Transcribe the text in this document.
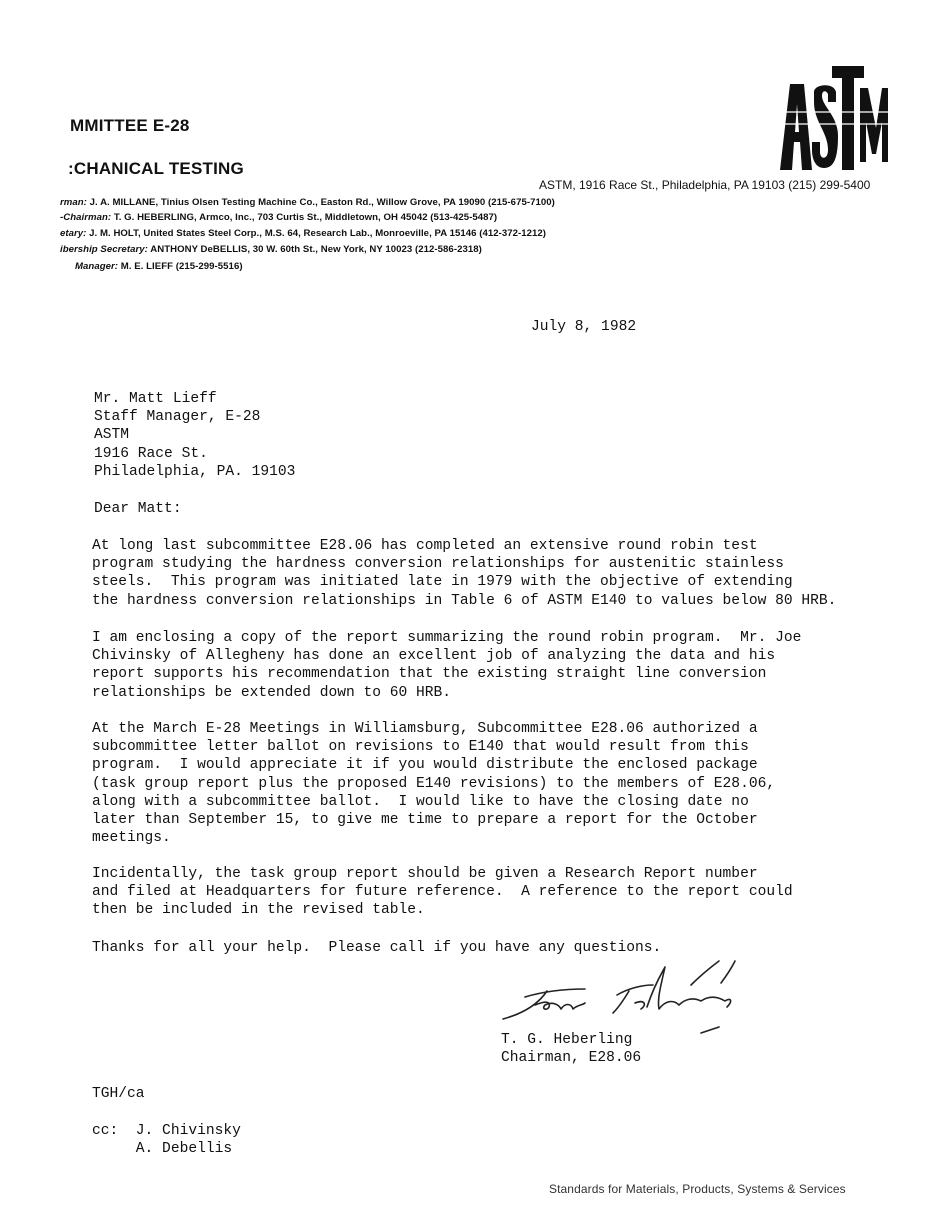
MMITTEE E-28
:CHANICAL TESTING
ASTM, 1916 Race St., Philadelphia, PA 19103 (215) 299-5400
rman: J. A. MILLANE, Tinius Olsen Testing Machine Co., Easton Rd., Willow Grove, PA 19090 (215-675-7100)
-Chairman: T. G. HEBERLING, Armco, Inc., 703 Curtis St., Middletown, OH 45042 (513-425-5487)
etary: J. M. HOLT, United States Steel Corp., M.S. 64, Research Lab., Monroeville, PA 15146 (412-372-1212)
ibership Secretary: ANTHONY DeBELLIS, 30 W. 60th St., New York, NY 10023 (212-586-2318)
Manager: M. E. LIEFF (215-299-5516)
July 8, 1982
Mr. Matt Lieff
Staff Manager, E-28
ASTM
1916 Race St.
Philadelphia, PA. 19103
Dear Matt:
At long last subcommittee E28.06 has completed an extensive round robin test
program studying the hardness conversion relationships for austenitic stainless
steels.  This program was initiated late in 1979 with the objective of extending
the hardness conversion relationships in Table 6 of ASTM E140 to values below 80 HRB.
I am enclosing a copy of the report summarizing the round robin program.  Mr. Joe
Chivinsky of Allegheny has done an excellent job of analyzing the data and his
report supports his recommendation that the existing straight line conversion
relationships be extended down to 60 HRB.
At the March E-28 Meetings in Williamsburg, Subcommittee E28.06 authorized a
subcommittee letter ballot on revisions to E140 that would result from this
program.  I would appreciate it if you would distribute the enclosed package
(task group report plus the proposed E140 revisions) to the members of E28.06,
along with a subcommittee ballot.  I would like to have the closing date no
later than September 15, to give me time to prepare a report for the October
meetings.
Incidentally, the task group report should be given a Research Report number
and filed at Headquarters for future reference.  A reference to the report could
then be included in the revised table.
Thanks for all your help.  Please call if you have any questions.
T. G. Heberling
Chairman, E28.06
TGH/ca
cc:  J. Chivinsky
A. Debellis
Standards for Materials, Products, Systems & Services
